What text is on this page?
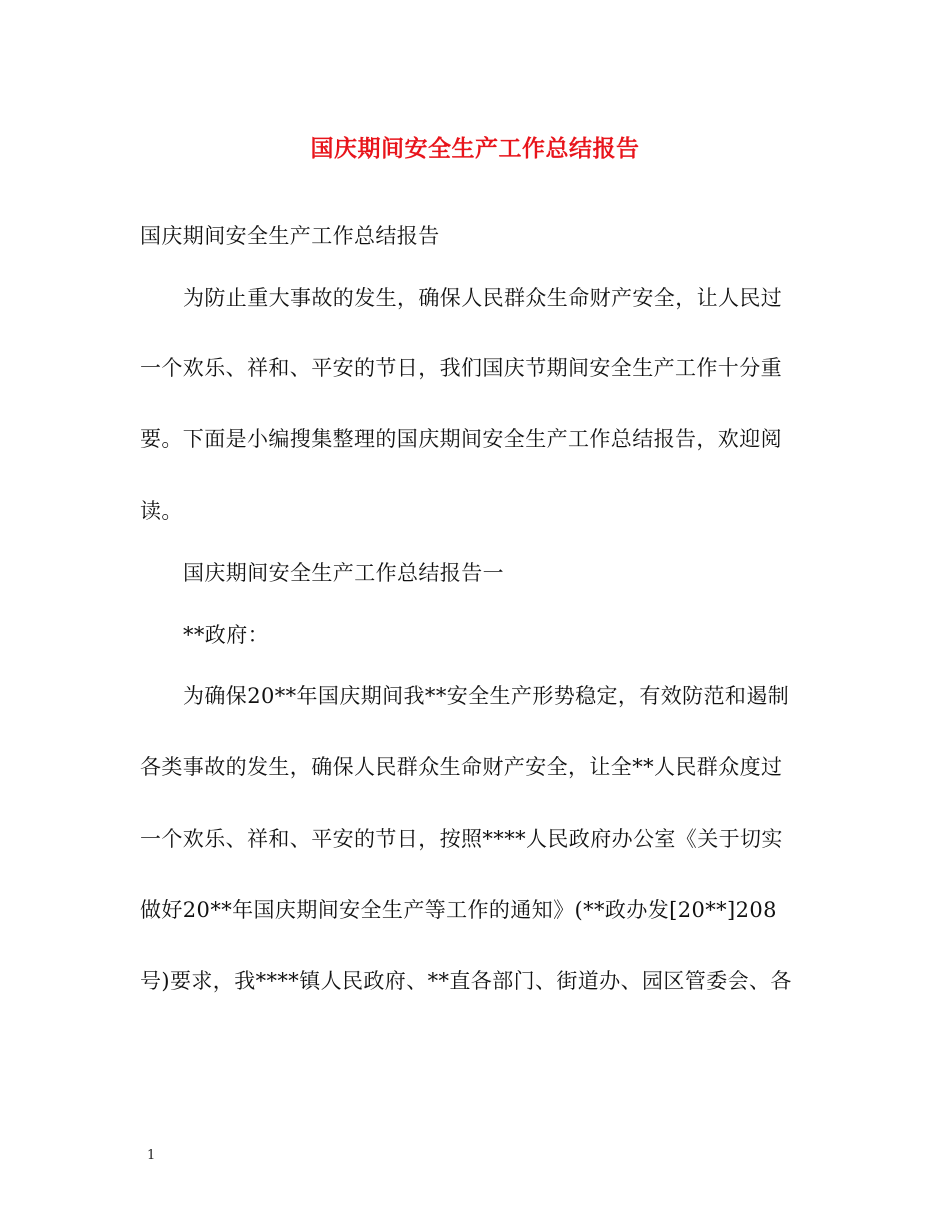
国庆期间安全生产工作总结报告
国庆期间安全生产工作总结报告
为防止重大事故的发生，确保人民群众生命财产安全，让人民过
一个欢乐、祥和、平安的节日，我们国庆节期间安全生产工作十分重
要。下面是小编搜集整理的国庆期间安全生产工作总结报告，欢迎阅
读。
国庆期间安全生产工作总结报告一
**政府：
为确保20**年国庆期间我**安全生产形势稳定，有效防范和遏制
各类事故的发生，确保人民群众生命财产安全，让全**人民群众度过
一个欢乐、祥和、平安的节日，按照****人民政府办公室《关于切实
做好20**年国庆期间安全生产等工作的通知》(**政办发[20**]208
号)要求，我****镇人民政府、**直各部门、街道办、园区管委会、各
1
